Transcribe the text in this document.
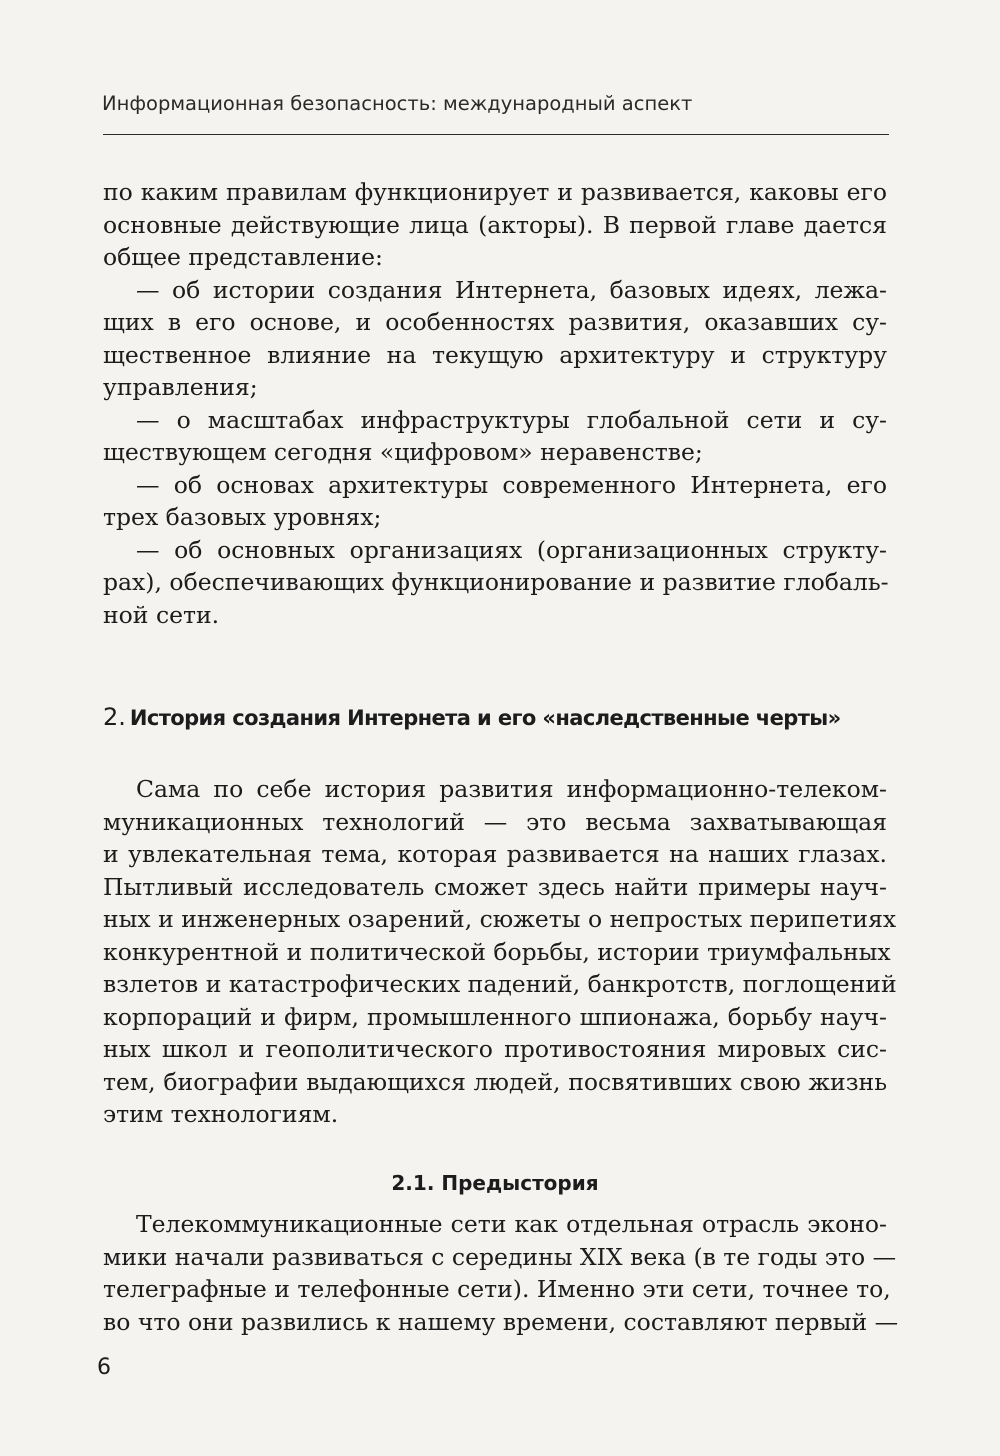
Информационная безопасность: международный аспект
по каким правилам функционирует и развивается, каковы его
основные действующие лица (акторы). В первой главе дается
общее представление:
— об истории создания Интернета, базовых идеях, лежа-
щих в его основе, и особенностях развития, оказавших су-
щественное влияние на текущую архитектуру и структуру
управления;
— о масштабах инфраструктуры глобальной сети и су-
ществующем сегодня «цифровом» неравенстве;
— об основах архитектуры современного Интернета, его
трех базовых уровнях;
— об основных организациях (организационных структу-
рах), обеспечивающих функционирование и развитие глобаль-
ной сети.
2. История создания Интернета и его «наследственные черты»
Сама по себе история развития информационно-телеком-
муникационных технологий — это весьма захватывающая
и увлекательная тема, которая развивается на наших глазах.
Пытливый исследователь сможет здесь найти примеры науч-
ных и инженерных озарений, сюжеты о непростых перипетиях
конкурентной и политической борьбы, истории триумфальных
взлетов и катастрофических падений, банкротств, поглощений
корпораций и фирм, промышленного шпионажа, борьбу науч-
ных школ и геополитического противостояния мировых сис-
тем, биографии выдающихся людей, посвятивших свою жизнь
этим технологиям.
2.1. Предыстория
Телекоммуникационные сети как отдельная отрасль эконо-
мики начали развиваться с середины XIX века (в те годы это —
телеграфные и телефонные сети). Именно эти сети, точнее то,
во что они развились к нашему времени, составляют первый —
6
